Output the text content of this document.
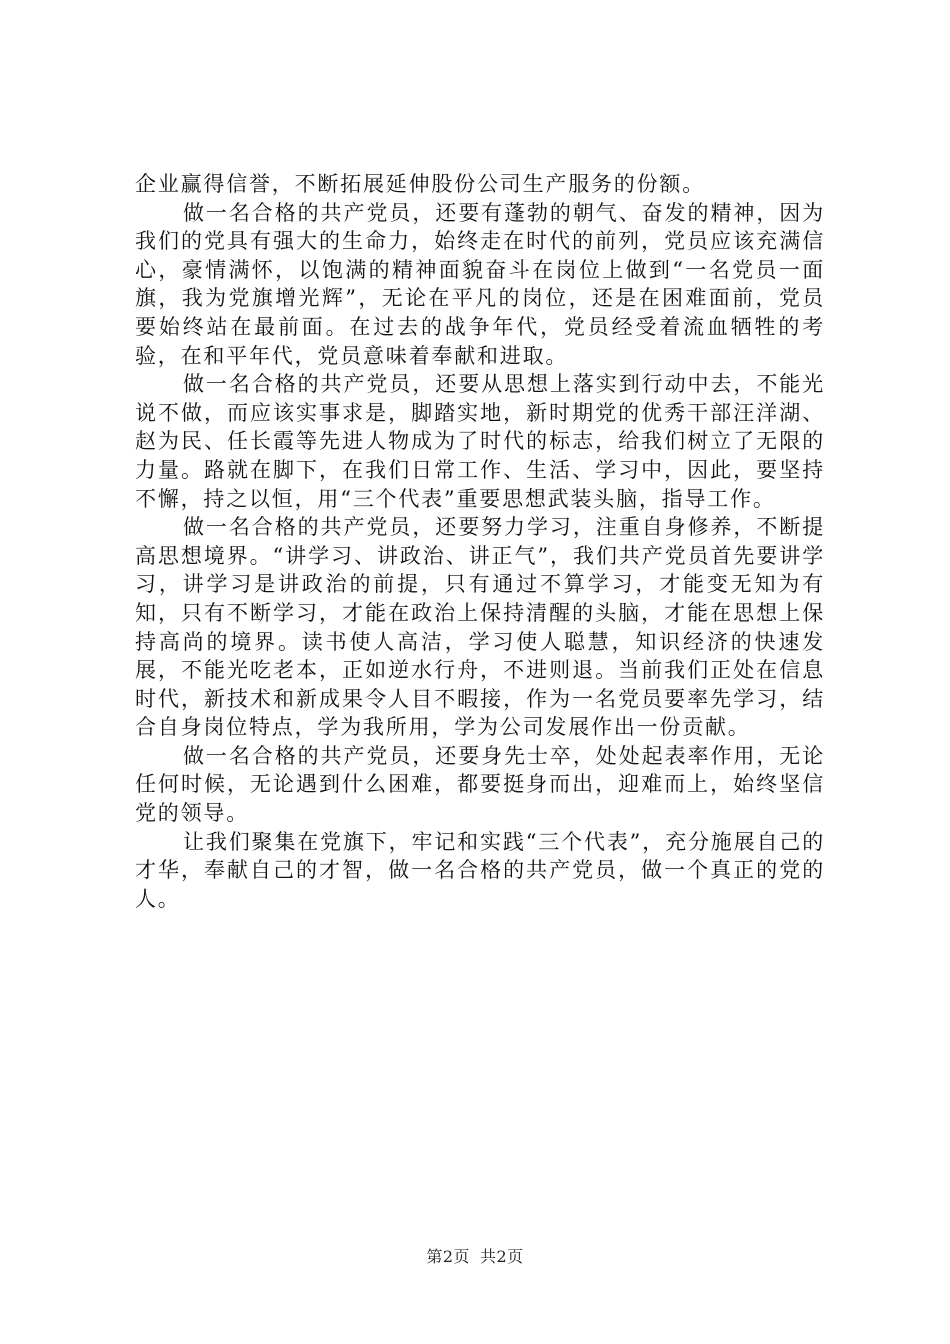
企业赢得信誉，不断拓展延伸股份公司生产服务的份额。

做一名合格的共产党员，还要有蓬勃的朝气、奋发的精神，因为我们的党具有强大的生命力，始终走在时代的前列，党员应该充满信心，豪情满怀，以饱满的精神面貌奋斗在岗位上做到“一名党员一面旗，我为党旗增光辉”，无论在平凡的岗位，还是在困难面前，党员要始终站在最前面。在过去的战争年代，党员经受着流血牺牲的考验，在和平年代，党员意味着奉献和进取。

做一名合格的共产党员，还要从思想上落实到行动中去，不能光说不做，而应该实事求是，脚踏实地，新时期党的优秀干部汪洋湖、赵为民、任长霞等先进人物成为了时代的标志，给我们树立了无限的力量。路就在脚下，在我们日常工作、生活、学习中，因此，要坚持不懈，持之以恒，用“三个代表”重要思想武装头脑，指导工作。

做一名合格的共产党员，还要努力学习，注重自身修养，不断提高思想境界。“讲学习、讲政治、讲正气”，我们共产党员首先要讲学习，讲学习是讲政治的前提，只有通过不算学习，才能变无知为有知，只有不断学习，才能在政治上保持清醒的头脑，才能在思想上保持高尚的境界。读书使人高洁，学习使人聪慧，知识经济的快速发展，不能光吃老本，正如逆水行舟，不进则退。当前我们正处在信息时代，新技术和新成果令人目不暇接，作为一名党员要率先学习，结合自身岗位特点，学为我所用，学为公司发展作出一份贡献。

做一名合格的共产党员，还要身先士卒，处处起表率作用，无论任何时候，无论遇到什么困难，都要挺身而出，迎难而上，始终坚信党的领导。

让我们聚集在党旗下，牢记和实践“三个代表”，充分施展自己的才华，奉献自己的才智，做一名合格的共产党员，做一个真正的党的人。

第2页 共2页
